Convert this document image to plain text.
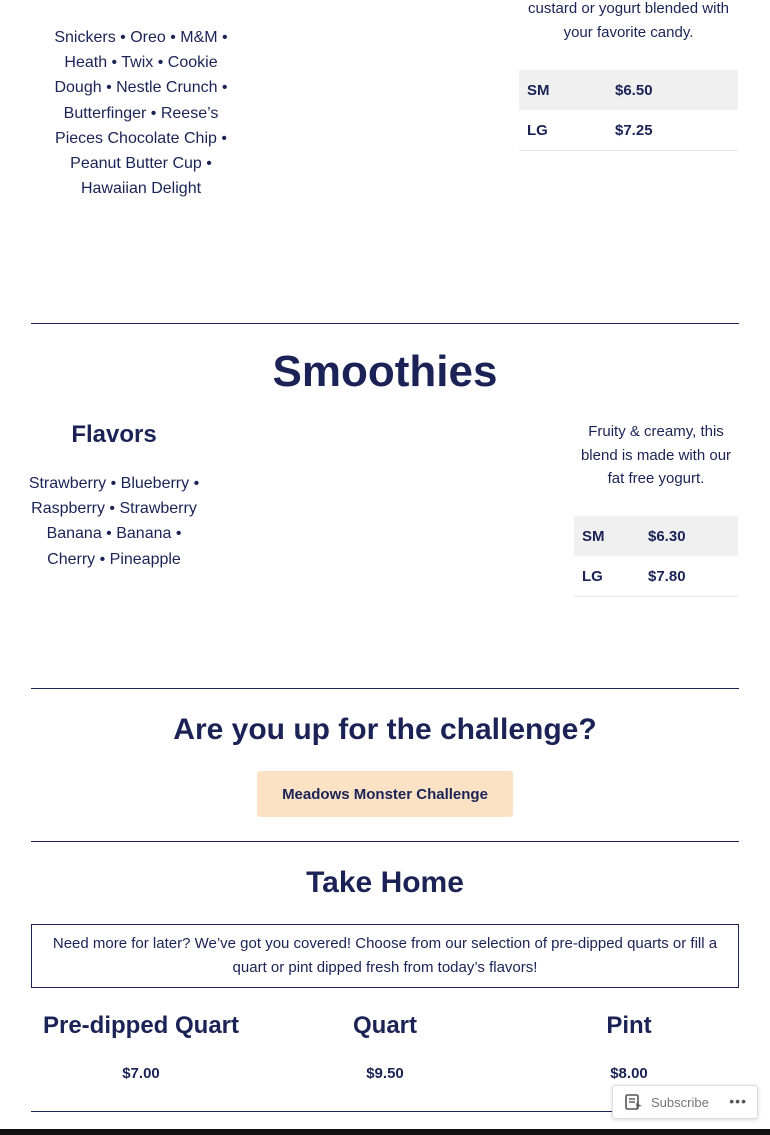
Snickers • Oreo • M&M • Heath • Twix • Cookie Dough • Nestle Crunch • Butterfinger • Reese’s Pieces Chocolate Chip • Peanut Butter Cup • Hawaiian Delight
custard or yogurt blended with your favorite candy.
SM	$6.50
LG	$7.25
Smoothies
Flavors
Strawberry • Blueberry • Raspberry • Strawberry Banana • Banana • Cherry • Pineapple
Fruity & creamy, this blend is made with our fat free yogurt.
SM	$6.30
LG	$7.80
Are you up for the challenge?
Meadows Monster Challenge
Take Home

Need more for later? We’ve got you covered! Choose from our selection of pre-dipped quarts or fill a quart or pint dipped fresh from today’s flavors!

Pre-dipped Quart
$7.00
Quart
$9.50
Pint
$8.00
Subscribe •••
